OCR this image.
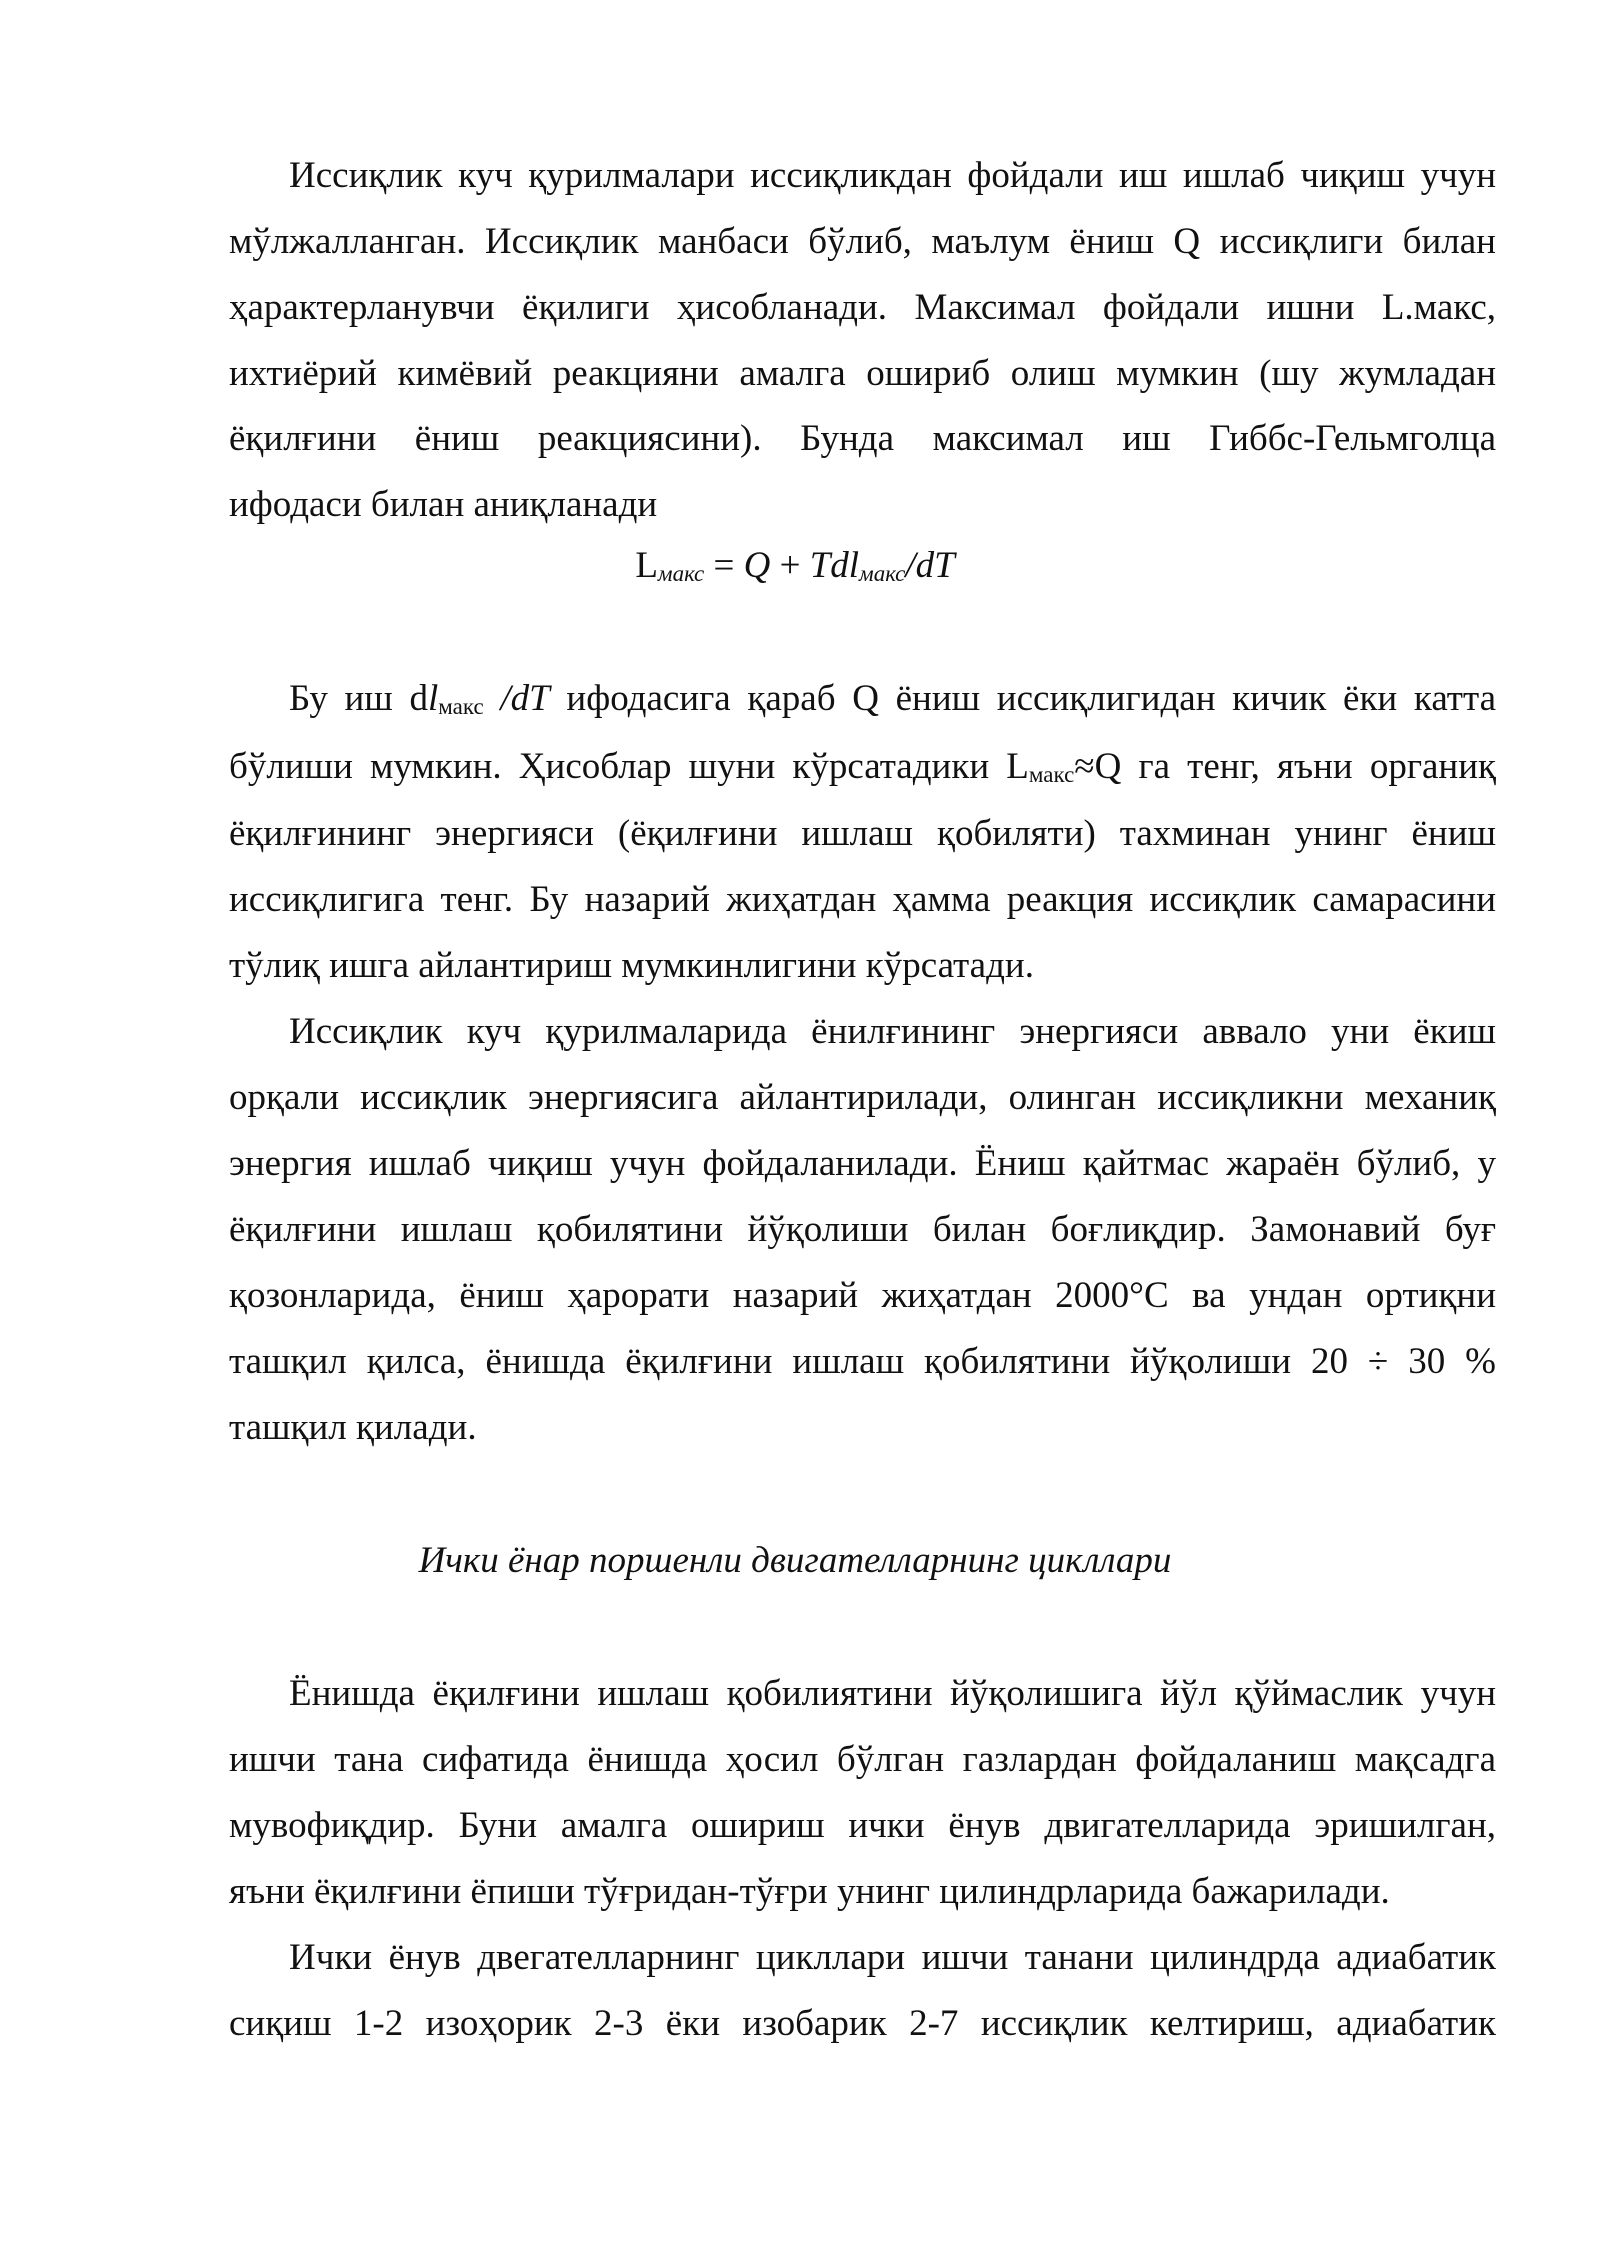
Иссиқлик куч қурилмалари иссиқликдан фойдали иш ишлаб чиқиш учун

мўлжалланган. Иссиқлик манбаси бўлиб, маълум ёниш Q иссиқлиги билан

ҳарактерланувчи ёқилиги ҳисобланади. Максимал фойдали ишни L.макс,

ихтиёрий кимёвий реакцияни амалга ошириб олиш мумкин (шу жумладан

ёқилғини ёниш реакциясини). Бунда максимал иш Гиббс-Гельмголца

ифодаси билан аниқланади

Lмакс = Q + Tdlмакс/dT

Бу иш dlмакс /dT ифодасига қараб Q ёниш иссиқлигидан кичик ёки катта

бўлиши мумкин. Ҳисоблар шуни кўрсатадики Lмакс≈Q га тенг, яъни органиқ

ёқилғининг энергияси (ёқилғини ишлаш қобиляти) тахминан унинг ёниш

иссиқлигига тенг. Бу назарий жиҳатдан ҳамма реакция иссиқлик самарасини

тўлиқ ишга айлантириш мумкинлигини кўрсатади.

Иссиқлик куч қурилмаларида ёнилғининг энергияси аввало уни ёкиш

орқали иссиқлик энергиясига айлантирилади, олинган иссиқликни механиқ

энергия ишлаб чиқиш учун фойдаланилади. Ёниш қайтмас жараён бўлиб, у

ёқилғини ишлаш қобилятини йўқолиши билан боғлиқдир. Замонавий буғ

қозонларида, ёниш ҳарорати назарий жиҳатдан 2000°С ва ундан ортиқни

ташқил қилса, ёнишда ёқилғини ишлаш қобилятини йўқолиши 20 ÷ 30 %

ташқил қилади.

Ички ёнар поршенли двигателларнинг цикллари

Ёнишда ёқилғини ишлаш қобилиятини йўқолишига йўл қўймаслик учун

ишчи тана сифатида ёнишда ҳосил бўлган газлардан фойдаланиш мақсадга

мувофиқдир. Буни амалга ошириш ички ёнув двигателларида эришилган,

яъни ёқилғини ёпиши тўғридан-тўғри унинг цилиндрларида бажарилади.

Ички ёнув двегателларнинг цикллари ишчи танани цилиндрда адиабатик

сиқиш 1-2 изоҳорик 2-3 ёки изобарик 2-7 иссиқлик келтириш, адиабатик
